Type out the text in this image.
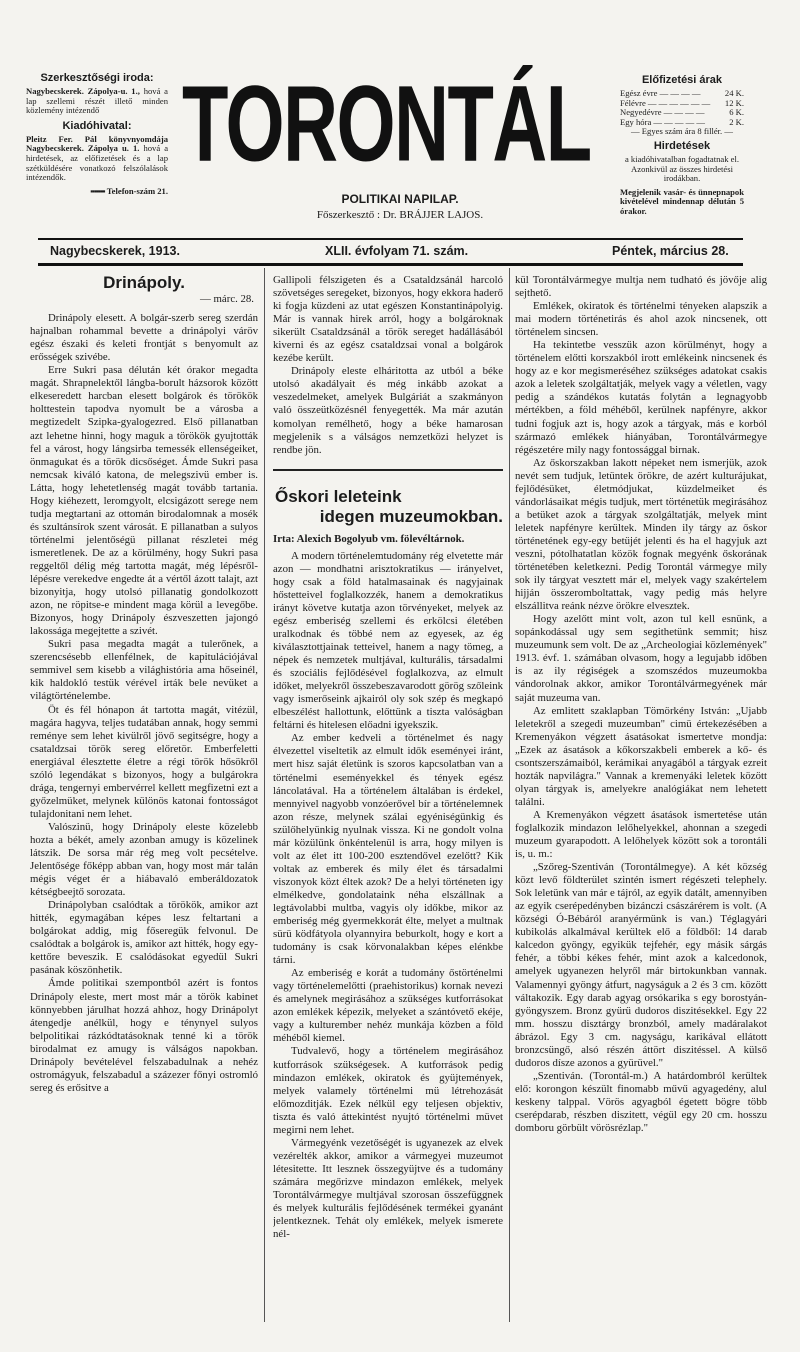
Szerkesztőségi iroda:

Nagybecskerek. Zápolya-u. 1., hová a lap szellemi részét illető minden közlemény intézendő

Kiadóhivatal:

Pleitz Fer. Pál könyvnyomdája Nagybecskerek. Zápolya u. 1. hová a hirdetések, az előfizetések és a lap szétküldésére vonatkozó felszólalások intézendők.

▪▪▪▪▪▪▪ Telefon-szám 21.

TORONTÁL
POLITIKAI NAPILAP.
Főszerkesztő : Dr. BRÁJJER LAJOS.
Előfizetési árak
Egész évre — — — —	24 K.
Félévre — — — — — — 12 K.
Negyedévre — — — —	6 K.
Egy hóra — — — — —	2 K.

— Egyes szám ára 8 fillér. —

Hirdetések

a kiadóhivatalban fogadtatnak el. Azonkivül az összes hirdetési irodákban.

Megjelenik vasár- és ünnepnapok kivételével mindennap délután 5 órakor.

Nagybecskerek, 1913.	XLII. évfolyam 71. szám.	Péntek, március 28.
Drinápoly.
— márc. 28.

Drinápoly elesett. A bolgár-szerb sereg szerdán hajnalban rohammal bevette a drinápolyi váröv egész északi és keleti frontját s benyomult az erősségek szivébe.

Erre Sukri pasa délután két órakor megadta magát. Shrapnelektől lángba-borult házsorok között elkeseredett harcban elesett bolgárok és törökök holttestein tapodva nyomult be a városba a megtizedelt Szipka-gyalogezred. Első pillanatban azt lehetne hinni, hogy maguk a törökök gyujtották fel a várost, hogy lángsirba temessék ellenségeiket, önmagukat és a török dicsőséget. Ámde Sukri pasa nemcsak kiváló katona, de melegszivü ember is. Látta, hogy lehetetlenség magát tovább tartania. Hogy kiéhezett, leromgyolt, elcsigázott serege nem tudja megtartani az ottomán birodalomnak a mosék és szultánsírok szent városát. E pillanatban a sulyos történelmi jelentőségü pillanat részletei még ismeretlenek. De az a körülmény, hogy Sukri pasa reggeltől délig még tartotta magát, még lépésről-lépésre verekedve engedte át a vértől ázott talajt, azt bizonyitja, hogy utolsó pillanatig gondolkozott azon, ne röpitse-e mindent maga körül a levegőbe. Bizonyos, hogy Drinápoly észveszetten jajongó lakossága megejtette a szivét.

Sukri pasa megadta magát a tulerőnek, a szerencsésebb ellenfélnek, de kapitulációjával semmivel sem kisebb a világhistória ama hőseinél, kik haldokló testük vérével irták bele nevüket a világtörténelembe.

Öt és fél hónapon át tartotta magát, vitézül, magára hagyva, teljes tudatában annak, hogy semmi reménye sem lehet kivülről jövő segitségre, hogy a csataldzsai török sereg előretör. Emberfeletti energiával élesztette életre a régi török hősökről szóló legendákat s bizonyos, hogy a bulgárokra drága, tengernyi embervérrel kellett megfizetni ezt a győzelmüket, melynek különös katonai fontosságot tulajdonitani nem lehet.

Valószinü, hogy Drinápoly eleste közelebb hozta a békét, amely azonban amugy is közelinek látszik. De sorsa már rég meg volt pecsételve. Jelentősége főképp abban van, hogy most már talán mégis véget ér a hiábavaló emberáldozatok kétségbeejtő sorozata.

Drinápolyban csalódtak a törökök, amikor azt hitték, egymagában képes lesz feltartani a bolgárokat addig, mig főseregük felvonul. De csalódtak a bolgárok is, amikor azt hitték, hogy egy-kettőre beveszik. E csalódásokat egyedül Sukri pasának köszönhetik.

Ámde politikai szempontból azért is fontos Drinápoly eleste, mert most már a török kabinet könnyebben járulhat hozzá ahhoz, hogy Drinápolyt átengedje anélkül, hogy e ténynyel sulyos belpolitikai rázkódtatásoknak tenné ki a török birodalmat ez amugy is válságos napokban. Drinápoly bevételével felszabadulnak a nehéz ostromágyuk, felszabadul a százezer főnyi ostromló sereg és erősitve a

Gallipoli félszigeten és a Csataldzsánál harcoló szövetséges seregeket, bizonyos, hogy ekkora haderő ki fogja küzdeni az utat egészen Konstantinápolyig. Már is vannak hirek arról, hogy a bolgároknak sikerült Csataldzsánál a török sereget hadállásából kiverni és az egész csataldzsai vonal a bolgárok kezébe került.

Drinápoly eleste elháritotta az utból a béke utolsó akadályait és még inkább azokat a veszedelmeket, amelyek Bulgáriát a szakmányon való összeütközésnél fenyegették. Ma már azután komolyan remélhető, hogy a béke hamarosan megjelenik s a válságos nemzetközi helyzet is rendbe jön.

Őskori leleteink
idegen muzeumokban.
Irta: Alexich Bogolyub vm. fölevéltárnok.

A modern történelemtudomány rég elvetette már azon — mondhatni arisztokratikus — irányelvet, hogy csak a föld hatalmasainak és nagyjainak hőstetteivel foglalkozzék, hanem a demokratikus irányt követve kutatja azon törvényeket, melyek az egész emberiség szellemi és erkölcsi életében uralkodnak és többé nem az egyesek, az ég kiválasztottjainak tetteivel, hanem a nagy tömeg, a népek és nemzetek multjával, kulturális, társadalmi és szociális fejlődésével foglalkozva, az elmult időket, melyekről összebeszavarodott görög szőleink vagy ismerőseink ajkairól oly sok szép és megkapó elbeszélést hallottunk, előttünk a tiszta valóságban feltárni és hitelesen előadni igyekszik.

Az ember kedveli a történelmet és nagy élvezettel viseltetik az elmult idők eseményei iránt, mert hisz saját életünk is szoros kapcsolatban van a történelmi eseményekkel és tények egész láncolatával. Ha a történelem általában is érdekel, mennyivel nagyobb vonzóerővel bír a történelemnek azon része, melynek szálai egyéniségünkig és szülőhelyünkig nyulnak vissza. Ki ne gondolt volna már közülünk önkéntelenül is arra, hogy milyen is volt az élet itt 100-200 esztendővel ezelőtt? Kik voltak az emberek és mily élet és társadalmi viszonyok közt éltek azok? De a helyi történeten igy elmélkedve, gondolataink néha elszállnak a legtávolabbi multba, vagyis oly időkbe, mikor az emberiség még gyermekkorát élte, melyet a multnak sürü ködfátyola olyannyira beburkolt, hogy e kort a tudomány is csak körvonalakban képes elénkbe tárni.

Az emberiség e korát a tudomány őstörténelmi vagy történelemelőtti (praehistorikus) kornak nevezi és amelynek megirásához a szükséges kutforrásokat azon emlékek képezik, melyeket a szántóvető ekéje, vagy a kulturember nehéz munkája közben a föld méhéből kiemel.

Tudvalevő, hogy a történelem megirásához kutforrások szükségesek. A kutforrások pedig mindazon emlékek, okiratok és gyüjtemények, melyek valamely történelmi mü létrehozását előmozditják. Ezek nélkül egy teljesen objektiv, tiszta és való áttekintést nyujtó történelmi müvet megirni nem lehet.

Vármegyénk vezetőségét is ugyanezek az elvek vezérelték akkor, amikor a vármegyei muzeumot létesitette. Itt lesznek összegyüjtve és a tudomány számára megőrizve mindazon emlékek, melyek Torontálvármegye multjával szorosan összefüggnek és melyek kulturális fejlődésének termékei gyanánt jelentkeznek. Tehát oly emlékek, melyek ismerete nél-

kül Torontálvármegye multja nem tudható és jövője alig sejthető.

Emlékek, okiratok és történelmi tényeken alapszik a mai modern történetirás és ahol azok nincsenek, ott történelem sincsen.

Ha tekintetbe vesszük azon körülményt, hogy a történelem előtti korszakból irott emlékeink nincsenek és hogy az e kor megismeréséhez szükséges adatokat csakis azok a leletek szolgáltatják, melyek vagy a véletlen, vagy pedig a szándékos kutatás folytán a legnagyobb mértékben, a föld méhéből, kerülnek napfényre, akkor tudni fogjuk azt is, hogy azok a tárgyak, más e korból származó emlékek hiányában, Torontálvármegye régészetére mily nagy fontossággal birnak.

Az őskorszakban lakott népeket nem ismerjük, azok nevét sem tudjuk, letüntek örökre, de azért kulturájukat, fejlődésüket, életmódjukat, küzdelmeiket és vándorlásaikat mégis tudjuk, mert történetük megirásához a betüket azok a tárgyak szolgáltatják, melyek mint leletek napfényre kerültek. Minden ily tárgy az őskor történetének egy-egy betüjét jelenti és ha el hagyjuk azt veszni, pótolhatatlan közök fognak megyénk őskorának történetében keletkezni. Pedig Torontál vármegye mily sok ily tárgyat vesztett már el, melyek vagy szakértelem hijján összeromboltattak, vagy pedig más helyre elszállitva reánk nézve örökre elvesztek.

Hogy azelőtt mint volt, azon tul kell esnünk, a sopánkodással ugy sem segithetünk semmit; hisz muzeumunk sem volt. De az „Archeologiai közlemények" 1913. évf. 1. számában olvasom, hogy a legujabb időben is az ily régiségek a szomszédos muzeumokba vándorolnak akkor, amikor Torontálvármegyének már saját muzeuma van.

Az emlitett szaklapban Tömörkény István: „Ujabb leletekről a szegedi muzeumban" cimü értekezésében a Kremenyákon végzett ásatásokat ismertetve mondja: „Ezek az ásatások a kőkorszakbeli emberek a kő- és csontszerszámaiból, kerámikai anyagából a tárgyak ezreit hozták napvilágra." Vannak a kremenyáki leletek között olyan tárgyak is, amelyekre analógiákat nem lehetett találni.

A Kremenyákon végzett ásatások ismertetése után foglalkozik mindazon lelőhelyekkel, ahonnan a szegedi muzeum gyarapodott. A lelőhelyek között sok a torontáli is, u. m.:

„Szőreg-Szentiván (Torontálmegye). A két község közt levő földterület szintén ismert régészeti telephely. Sok leletünk van már e tájról, az egyik datált, amennyiben az egyik cserépedényben bizánczi császárérem is volt. (A községi Ó-Bébáról aranyérmünk is van.) Téglagyári kubikolás alkalmával kerültek elő a földből: 14 darab kalcedon gyöngy, egyikük tejfehér, egy másik sárgás fehér, a többi kékes fehér, mint azok a kalcedonok, amelyek ugyanezen helyről már birtokunkban vannak. Valamennyi gyöngy átfurt, nagyságuk a 2 és 3 cm. között váltakozik. Egy darab agyag orsókarika s egy borostyán-gyöngyszem. Bronz gyürü dudoros diszitésekkel. Egy 22 mm. hosszu disztárgy bronzból, amely madáralakot ábrázol. Egy 3 cm. nagyságu, karikával ellátott bronzcsüngő, alsó részén áttört diszitéssel. A külső dudoros dísze azonos a gyürüvel."

„Szentiván. (Torontál-m.) A határdombról kerültek elő: korongon készült finomabb művű agyagedény, alul keskeny talppal. Vörös agyagból égetett bögre több cserépdarab, részben diszitett, végül egy 20 cm. hosszu domboru görbült vörösrézlap."
